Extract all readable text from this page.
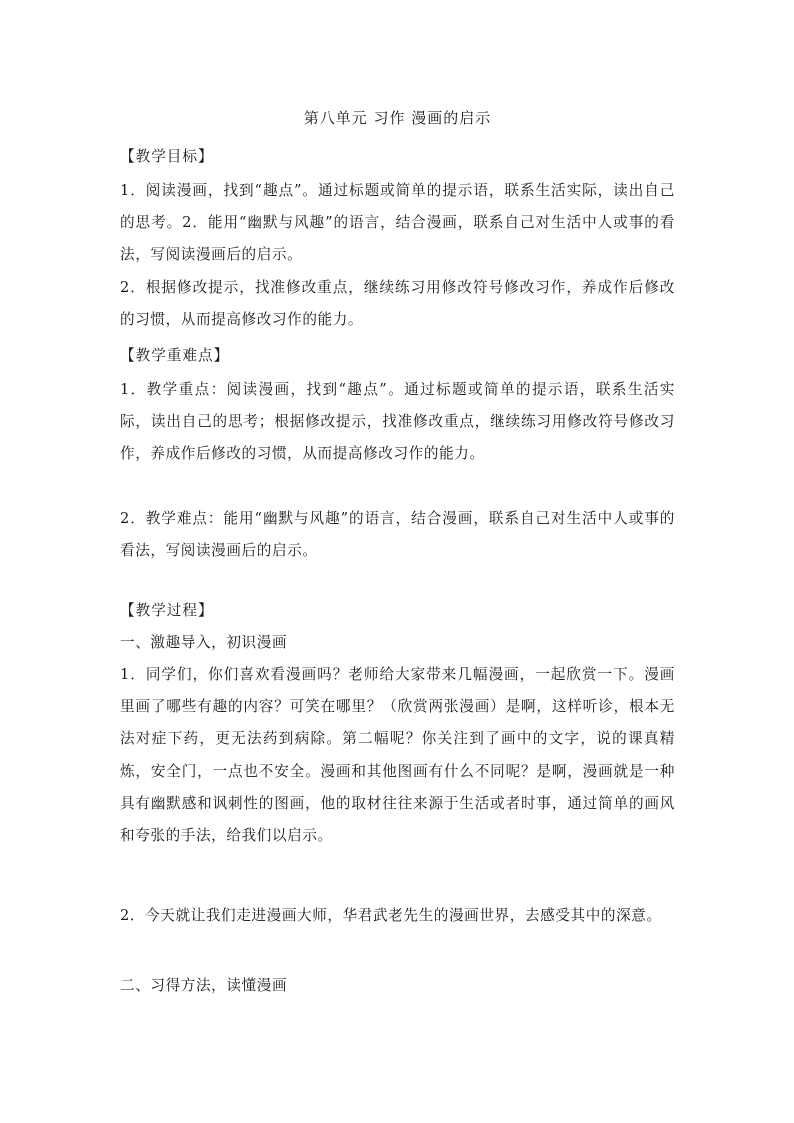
第八单元 习作 漫画的启示
【教学目标】

1．阅读漫画，找到“趣点”。通过标题或简单的提示语，联系生活实际，读出自己的思考。2．能用“幽默与风趣”的语言，结合漫画，联系自己对生活中人或事的看法，写阅读漫画后的启示。

2．根据修改提示，找准修改重点，继续练习用修改符号修改习作，养成作后修改的习惯，从而提高修改习作的能力。

【教学重难点】

1．教学重点：阅读漫画，找到“趣点”。通过标题或简单的提示语，联系生活实际，读出自己的思考；根据修改提示，找准修改重点，继续练习用修改符号修改习作，养成作后修改的习惯，从而提高修改习作的能力。

2．教学难点：能用“幽默与风趣”的语言，结合漫画，联系自己对生活中人或事的看法，写阅读漫画后的启示。

【教学过程】
一、激趣导入，初识漫画

1．同学们，你们喜欢看漫画吗？老师给大家带来几幅漫画，一起欣赏一下。漫画里画了哪些有趣的内容？可笑在哪里？（欣赏两张漫画）是啊，这样听诊，根本无法对症下药，更无法药到病除。第二幅呢？你关注到了画中的文字，说的课真精炼，安全门，一点也不安全。漫画和其他图画有什么不同呢？是啊，漫画就是一种具有幽默感和讽刺性的图画，他的取材往往来源于生活或者时事，通过简单的画风和夸张的手法，给我们以启示。

2．今天就让我们走进漫画大师，华君武老先生的漫画世界，去感受其中的深意。

二、习得方法，读懂漫画
